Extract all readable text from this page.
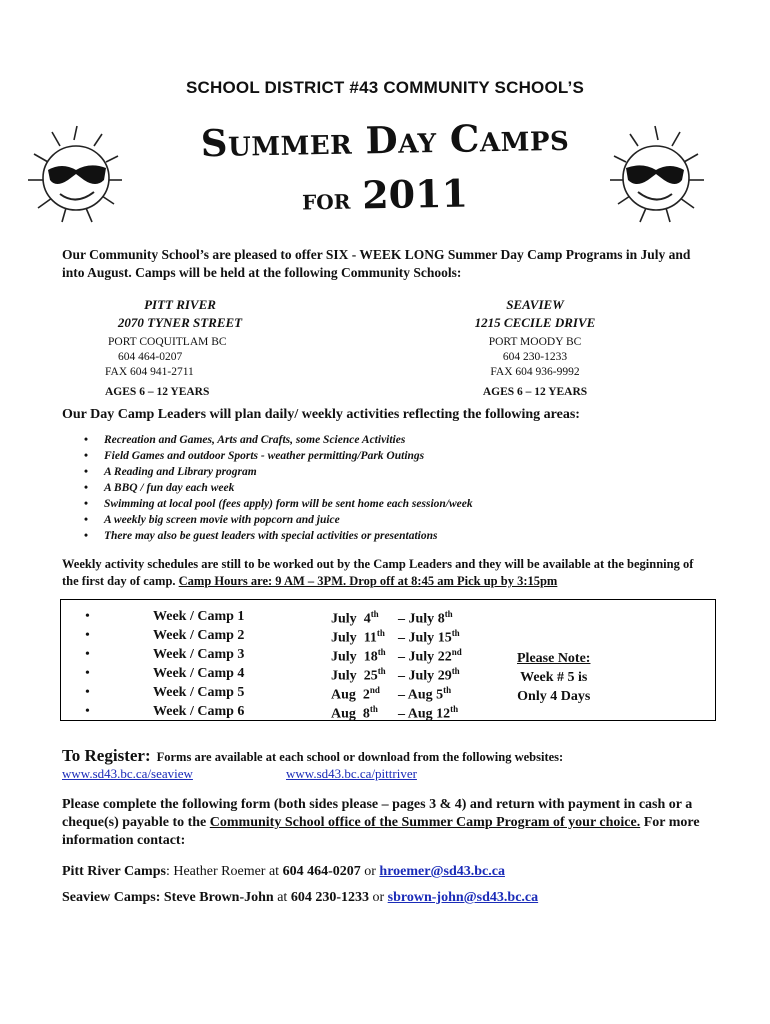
SCHOOL DISTRICT #43 COMMUNITY SCHOOL’S
Summer Day Camps
for 2011
Our Community School’s are pleased to offer SIX - WEEK LONG Summer Day Camp Programs in July and into August. Camps will be held at the following Community Schools:
PITT RIVER
2070 TYNER STREET
PORT COQUITLAM BC
604 464-0207
FAX 604 941-2711
AGES 6 – 12 YEARS
SEAVIEW
1215 CECILE DRIVE
PORT MOODY BC
604 230-1233
FAX 604 936-9992
AGES 6 – 12 YEARS
Our Day Camp Leaders will plan daily/ weekly activities reflecting the following areas:
• Recreation and Games, Arts and Crafts, some Science Activities
• Field Games and outdoor Sports - weather permitting/Park Outings
• A Reading and Library program
• A BBQ / fun day each week
• Swimming at local pool (fees apply) form will be sent home each session/week
• A weekly big screen movie with popcorn and juice
• There may also be guest leaders with special activities or presentations
Weekly activity schedules are still to be worked out by the Camp Leaders and they will be available at the beginning of the first day of camp. Camp Hours are: 9 AM – 3PM. Drop off at 8:45 am Pick up by 3:15pm
•	Week / Camp 1	July 4th – July 8th
•	Week / Camp 2	July 11th – July 15th
•	Week / Camp 3	July 18th – July 22nd
•	Week / Camp 4	July 25th – July 29th
•	Week / Camp 5	Aug 2nd – Aug 5th
•	Week / Camp 6	Aug 8th – Aug 12th
Please Note:
Week # 5 is
Only 4 Days
To Register: Forms are available at each school or download from the following websites:
www.sd43.bc.ca/seaview	www.sd43.bc.ca/pittriver
Please complete the following form (both sides please – pages 3 & 4) and return with payment in cash or a cheque(s) payable to the Community School office of the Summer Camp Program of your choice. For more information contact:
Pitt River Camps: Heather Roemer at 604 464-0207 or hroemer@sd43.bc.ca
Seaview Camps: Steve Brown-John at 604 230-1233 or sbrown-john@sd43.bc.ca
